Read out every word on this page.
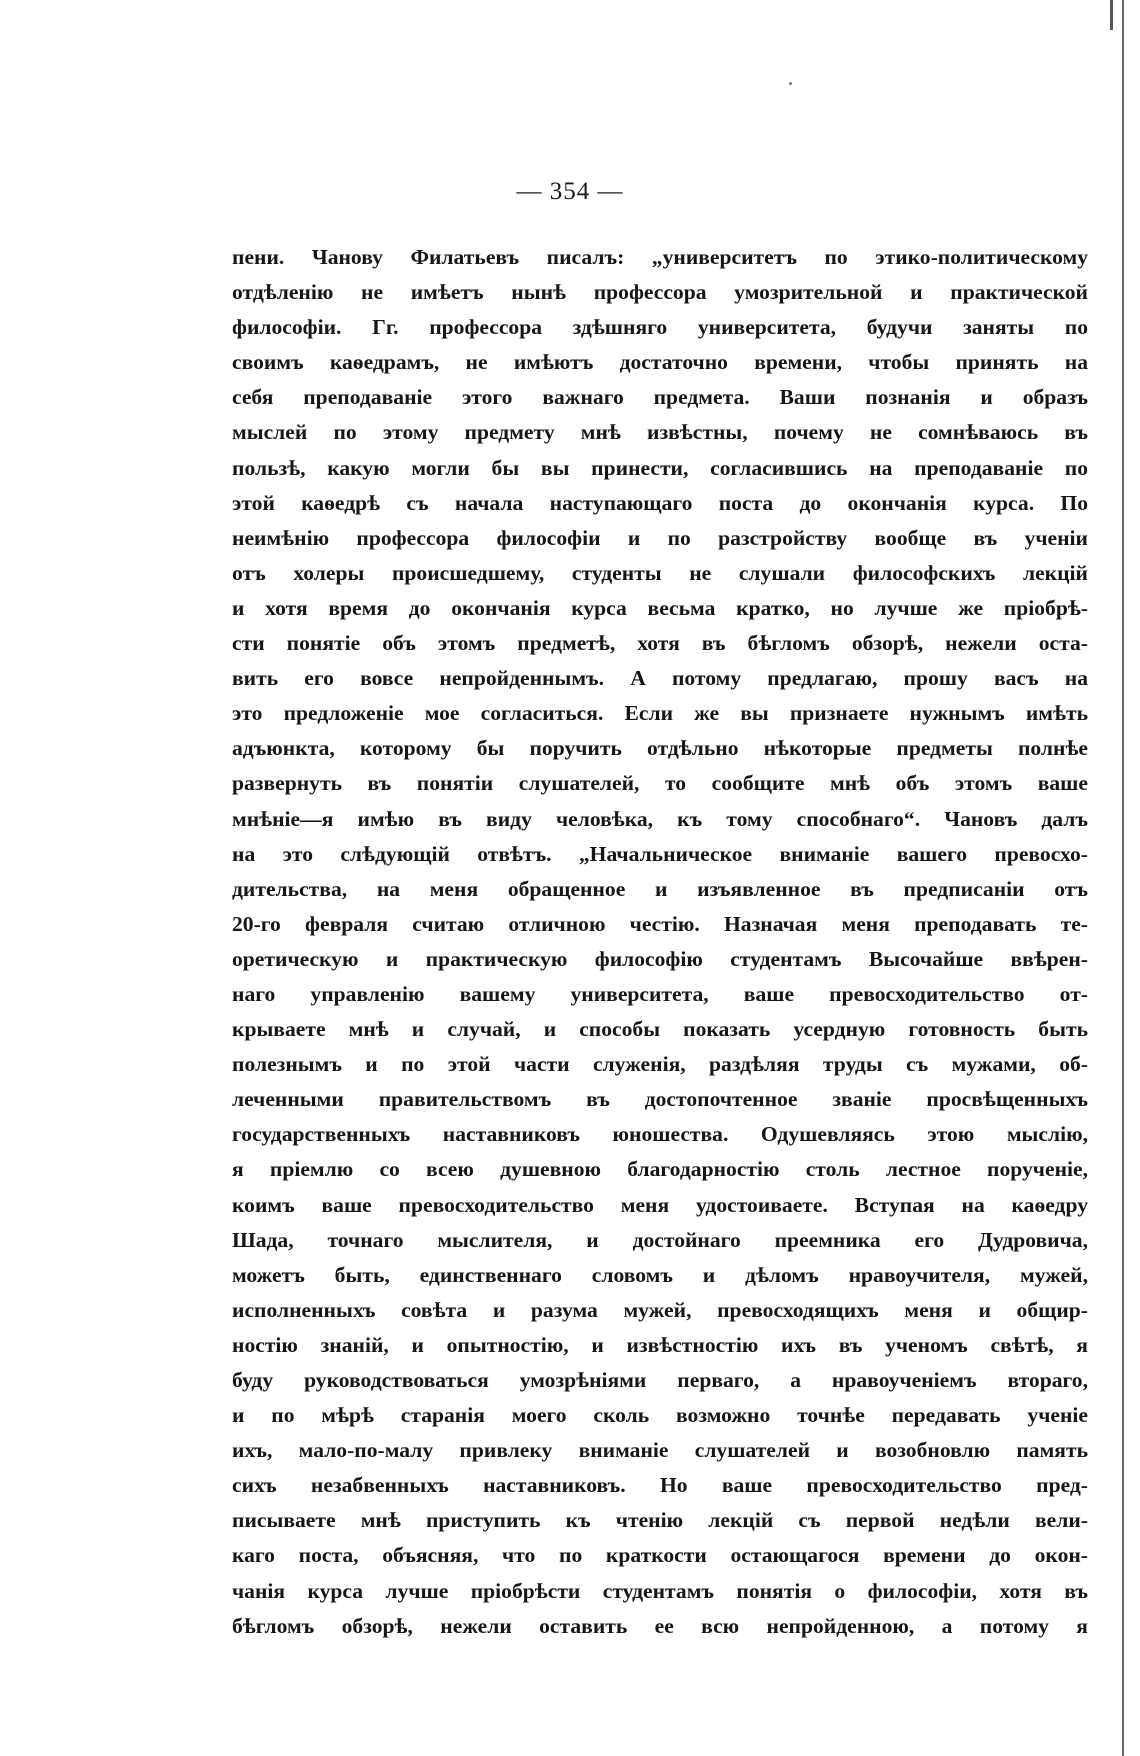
— 354 —
пени. Чанову Филатьевъ писалъ: „университетъ по этико-политическому
отдѣленію не имѣетъ нынѣ профессора умозрительной и практической
философіи. Гг. профессора здѣшняго университета, будучи заняты по
своимъ каѳедрамъ, не имѣютъ достаточно времени, чтобы принять на
себя преподаваніе этого важнаго предмета. Ваши познанія и образъ
мыслей по этому предмету мнѣ извѣстны, почему не сомнѣваюсь въ
пользѣ, какую могли бы вы принести, согласившись на преподаваніе по
этой каѳедрѣ съ начала наступающаго поста до окончанія курса. По
неимѣнію профессора философіи и по разстройству вообще въ ученіи
отъ холеры происшедшему, студенты не слушали философскихъ лекцій
и хотя время до окончанія курса весьма кратко, но лучше же пріобрѣ-
сти понятіе объ этомъ предметѣ, хотя въ бѣгломъ обзорѣ, нежели оста-
вить его вовсе непройденнымъ. А потому предлагаю, прошу васъ на
это предложеніе мое согласиться. Если же вы признаете нужнымъ имѣть
адъюнкта, которому бы поручить отдѣльно нѣкоторые предметы полнѣе
развернуть въ понятіи слушателей, то сообщите мнѣ объ этомъ ваше
мнѣніе—я имѣю въ виду человѣка, къ тому способнаго“. Чановъ далъ
на это слѣдующій отвѣтъ. „Начальническое вниманіе вашего превосхо-
дительства, на меня обращенное и изъявленное въ предписаніи отъ
20-го февраля считаю отличною честію. Назначая меня преподавать те-
оретическую и практическую философію студентамъ Высочайше ввѣрен-
наго управленію вашему университета, ваше превосходительство от-
крываете мнѣ и случай, и способы показать усердную готовность быть
полезнымъ и по этой части служенія, раздѣляя труды съ мужами, об-
леченными правительствомъ въ достопочтенное званіе просвѣщенныхъ
государственныхъ наставниковъ юношества. Одушевляясь этою мыслію,
я пріемлю со всею душевною благодарностію столь лестное порученіе,
коимъ ваше превосходительство меня удостоиваете. Вступая на каѳедру
Шада, точнаго мыслителя, и достойнаго преемника его Дудровича,
можетъ быть, единственнаго словомъ и дѣломъ нравоучителя, мужей,
исполненныхъ совѣта и разума мужей, превосходящихъ меня и общир-
ностію знаній, и опытностію, и извѣстностію ихъ въ ученомъ свѣтѣ, я
буду руководствоваться умозрѣніями перваго, а нравоученіемъ втораго,
и по мѣрѣ старанія моего сколь возможно точнѣе передавать ученіе
ихъ, мало-по-малу привлеку вниманіе слушателей и возобновлю память
сихъ незабвенныхъ наставниковъ. Но ваше превосходительство пред-
писываете мнѣ приступить къ чтенію лекцій съ первой недѣли вели-
каго поста, объясняя, что по краткости остающагося времени до окон-
чанія курса лучше пріобрѣсти студентамъ понятія о философіи, хотя въ
бѣгломъ обзорѣ, нежели оставить ее всю непройденною, а потому я
